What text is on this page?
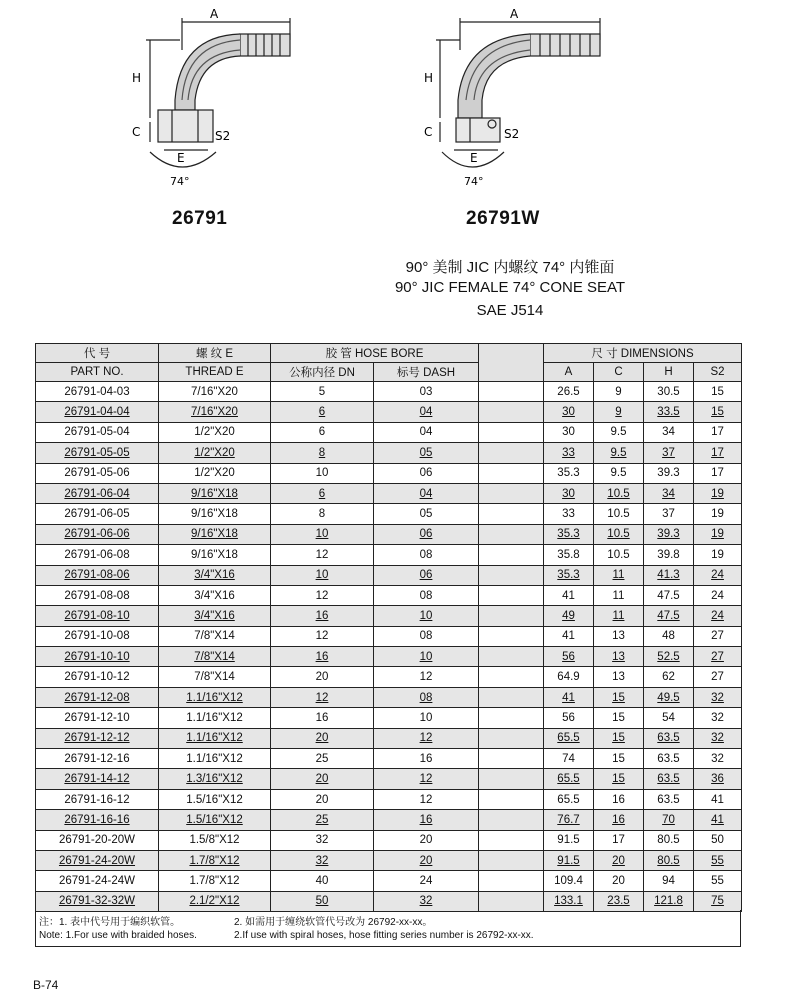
A
H
C
E
S2
74°
26791
A
H
C
E
S2
74°
26791W
90° 美制 JIC 内螺纹 74° 内锥面
90° JIC FEMALE 74° CONE SEAT
SAE J514
代 号	螺 纹 E	胶 管 HOSE BORE			尺 寸 DIMENSIONS			
PART NO.	THREAD E	公称内径 DN	标号 DASH		A	C	H	S2
26791-04-03	7/16"X20	5	03		26.5	9	30.5	15
26791-04-04	7/16"X20	6	04		30	9	33.5	15
26791-05-04	1/2"X20	6	04		30	9.5	34	17
26791-05-05	1/2"X20	8	05		33	9.5	37	17
26791-05-06	1/2"X20	10	06		35.3	9.5	39.3	17
26791-06-04	9/16"X18	6	04		30	10.5	34	19
26791-06-05	9/16"X18	8	05		33	10.5	37	19
26791-06-06	9/16"X18	10	06		35.3	10.5	39.3	19
26791-06-08	9/16"X18	12	08		35.8	10.5	39.8	19
26791-08-06	3/4"X16	10	06		35.3	11	41.3	24
26791-08-08	3/4"X16	12	08		41	11	47.5	24
26791-08-10	3/4"X16	16	10		49	11	47.5	24
26791-10-08	7/8"X14	12	08		41	13	48	27
26791-10-10	7/8"X14	16	10		56	13	52.5	27
26791-10-12	7/8"X14	20	12		64.9	13	62	27
26791-12-08	1.1/16"X12	12	08		41	15	49.5	32
26791-12-10	1.1/16"X12	16	10		56	15	54	32
26791-12-12	1.1/16"X12	20	12		65.5	15	63.5	32
26791-12-16	1.1/16"X12	25	16		74	15	63.5	32
26791-14-12	1.3/16"X12	20	12		65.5	15	63.5	36
26791-16-12	1.5/16"X12	20	12		65.5	16	63.5	41
26791-16-16	1.5/16"X12	25	16		76.7	16	70	41
26791-20-20W	1.5/8"X12	32	20		91.5	17	80.5	50
26791-24-20W	1.7/8"X12	32	20		91.5	20	80.5	55
26791-24-24W	1.7/8"X12	40	24		109.4	20	94	55
26791-32-32W	2.1/2"X12	50	32		133.1	23.5	121.8	75
注：1. 表中代号用于编织软管。	2. 如需用于缠绕软管代号改为 26792-xx-xx。
Note: 1.For use with braided hoses.	2.If use with spiral hoses, hose fitting series number is 26792-xx-xx.
B-74
